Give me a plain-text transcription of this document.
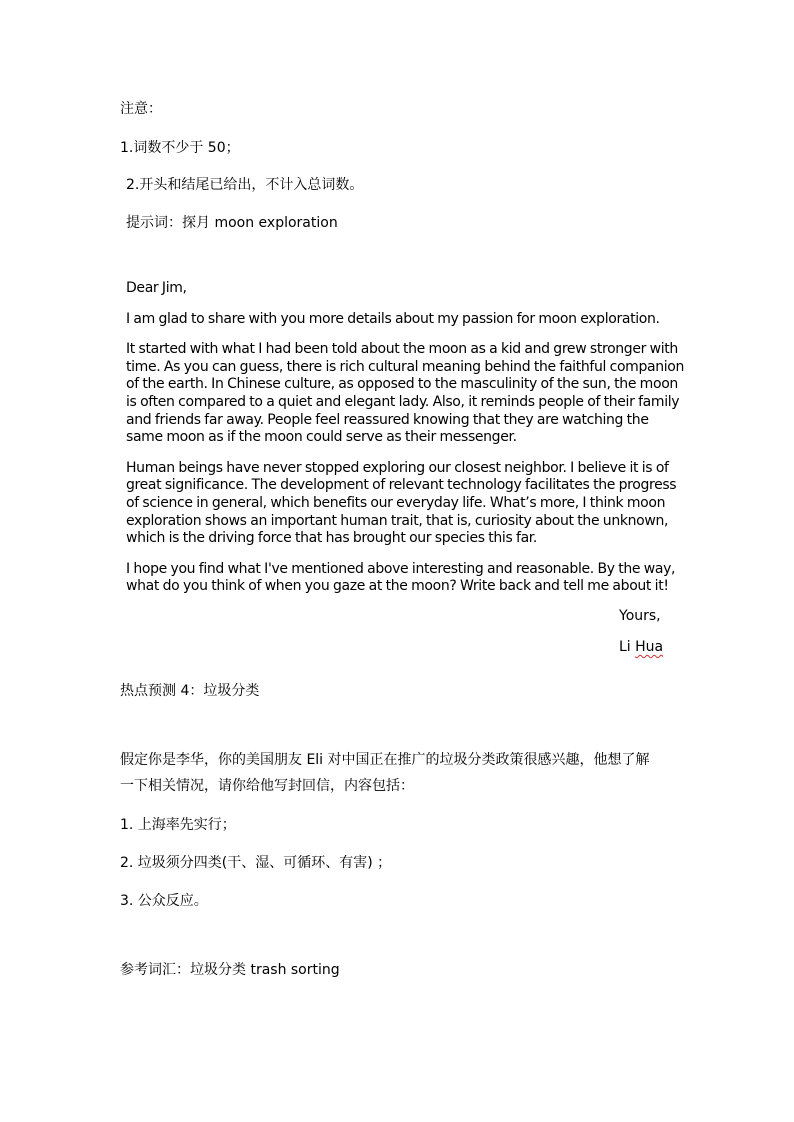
注意：
1.词数不少于 50；
2.开头和结尾已给出，不计入总词数。
提示词：探月 moon exploration

Dear Jim,

I am glad to share with you more details about my passion for moon exploration.

It started with what I had been told about the moon as a kid and grew stronger with time. As you can guess, there is rich cultural meaning behind the faithful companion of the earth. In Chinese culture, as opposed to the masculinity of the sun, the moon is often compared to a quiet and elegant lady. Also, it reminds people of their family and friends far away. People feel reassured knowing that they are watching the same moon as if the moon could serve as their messenger.

Human beings have never stopped exploring our closest neighbor. I believe it is of great significance. The development of relevant technology facilitates the progress of science in general, which benefits our everyday life. What’s more, I think moon exploration shows an important human trait, that is, curiosity about the unknown, which is the driving force that has brought our species this far.

I hope you find what I've mentioned above interesting and reasonable. By the way, what do you think of when you gaze at the moon? Write back and tell me about it!

Yours,
Li Hua
热点预测 4：垃圾分类
假定你是李华，你的美国朋友 Eli 对中国正在推广的垃圾分类政策很感兴趣，他想了解
一下相关情况，请你给他写封回信，内容包括：
1. 上海率先实行；
2. 垃圾须分四类(干、湿、可循环、有害) ；
3. 公众反应。
参考词汇：垃圾分类 trash sorting
